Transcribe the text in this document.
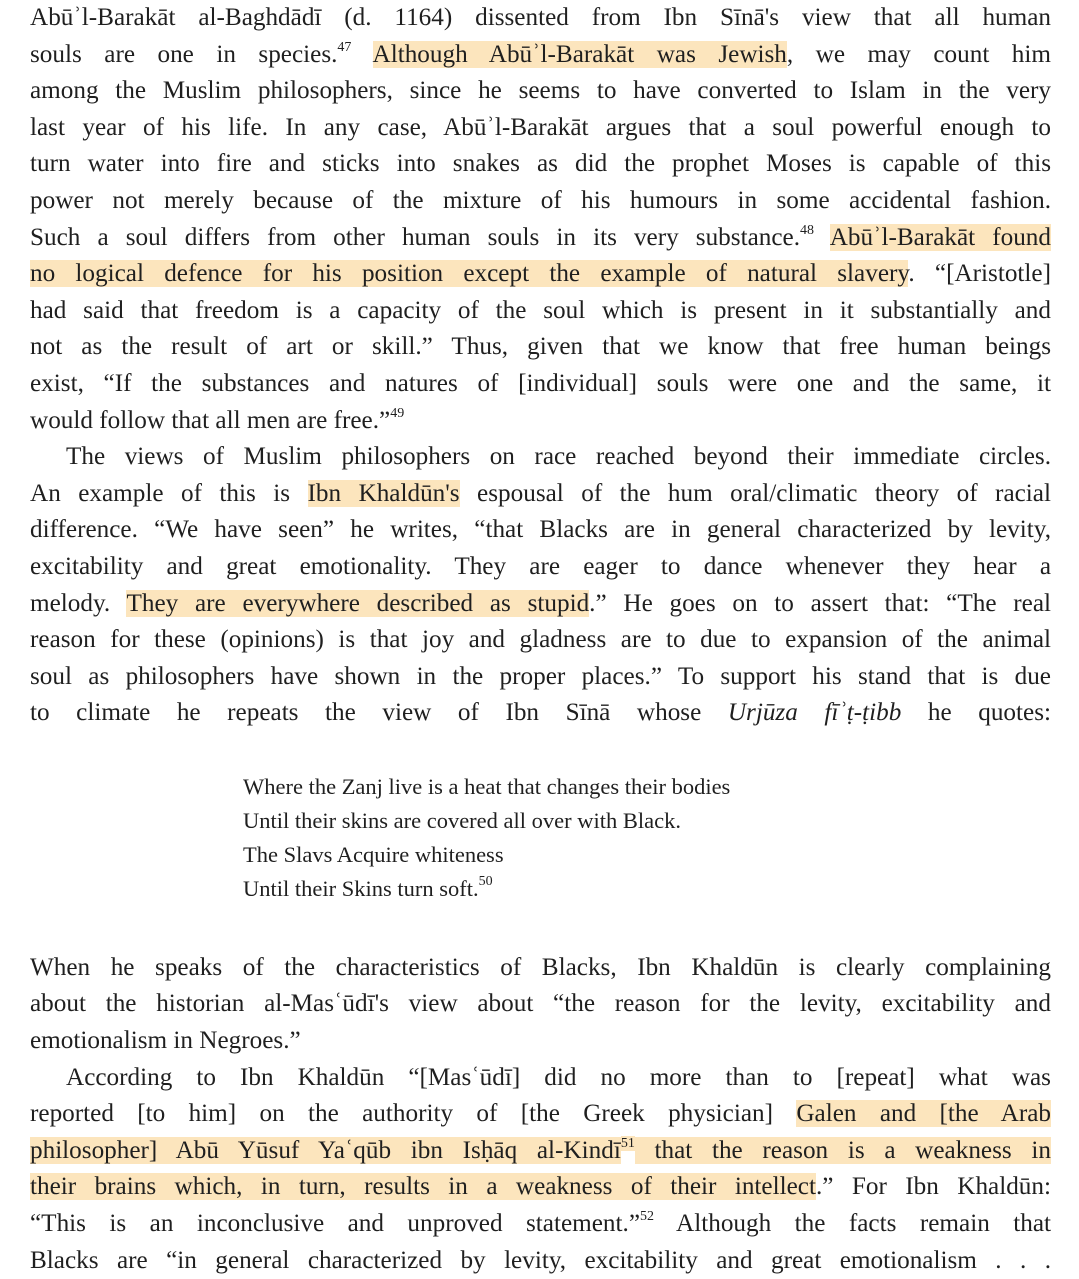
Abūʾl-Barakāt al-Baghdādī (d. 1164) dissented from Ibn Sīnā's view that all human
souls are one in species.$^{47}$ Although Abūʾl-Barakāt was Jewish, we may count him
among the Muslim philosophers, since he seems to have converted to Islam in the very
last year of his life. In any case, Abūʾl-Barakāt argues that a soul powerful enough to
turn water into fire and sticks into snakes as did the prophet Moses is capable of this
power not merely because of the mixture of his humours in some accidental fashion.
Such a soul differs from other human souls in its very substance.$^{48}$ Abūʾl-Barakāt found
no logical defence for his position except the example of natural slavery. “[Aristotle]
had said that freedom is a capacity of the soul which is present in it substantially and
not as the result of art or skill.” Thus, given that we know that free human beings
exist, “If the substances and natures of [individual] souls were one and the same, it
would follow that all men are free.”$^{49}$
The views of Muslim philosophers on race reached beyond their immediate circles.
An example of this is Ibn Khaldūn's espousal of the hum oral/climatic theory of racial
difference. “We have seen” he writes, “that Blacks are in general characterized by levity,
excitability and great emotionality. They are eager to dance whenever they hear a
melody. They are everywhere described as stupid.” He goes on to assert that: “The real
reason for these (opinions) is that joy and gladness are to due to expansion of the animal
soul as philosophers have shown in the proper places.” To support his stand that is due
to climate he repeats the view of Ibn Sīnā whose Urjūza fīʾṭ-ṭibb he quotes:
Where the Zanj live is a heat that changes their bodies
Until their skins are covered all over with Black.
The Slavs Acquire whiteness
Until their Skins turn soft.$^{50}$
When he speaks of the characteristics of Blacks, Ibn Khaldūn is clearly complaining
about the historian al-Masʿūdī's view about “the reason for the levity, excitability and
emotionalism in Negroes.”
According to Ibn Khaldūn “[Masʿūdī] did no more than to [repeat] what was
reported [to him] on the authority of [the Greek physician] Galen and [the Arab
philosopher] Abū Yūsuf Yaʿqūb ibn Isḥāq al-Kindī$^{51}$ that the reason is a weakness in
their brains which, in turn, results in a weakness of their intellect.” For Ibn Khaldūn:
“This is an inconclusive and unproved statement.”$^{52}$ Although the facts remain that
Blacks are “in general characterized by levity, excitability and great emotionalism . . .
